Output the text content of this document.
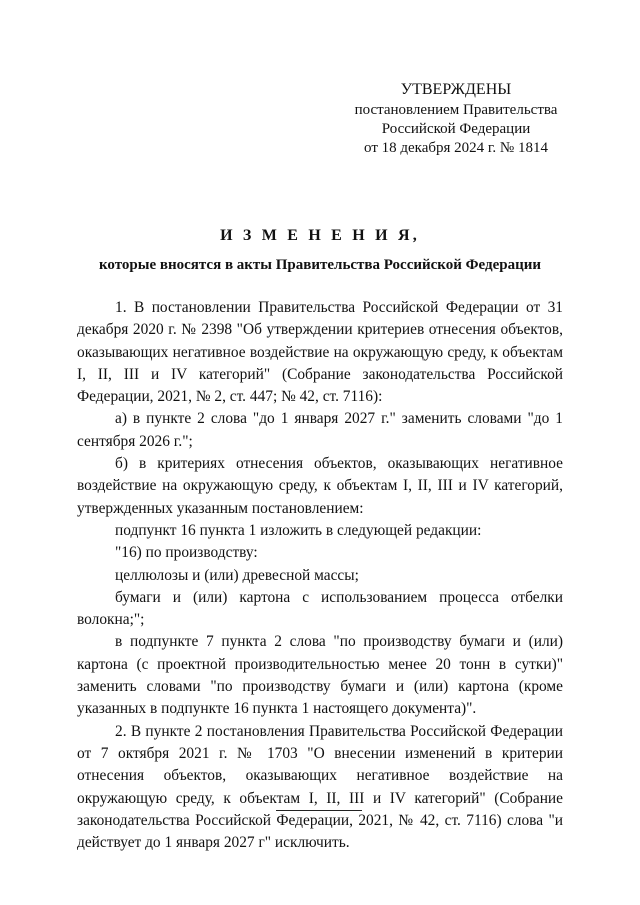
УТВЕРЖДЕНЫ
постановлением Правительства
Российской Федерации
от 18 декабря 2024 г. № 1814
И З М Е Н Е Н И Я,
которые вносятся в акты Правительства Российской Федерации

1. В постановлении Правительства Российской Федерации от 31 декабря 2020 г. № 2398 "Об утверждении критериев отнесения объектов, оказывающих негативное воздействие на окружающую среду, к объектам I, II, III и IV категорий" (Собрание законодательства Российской Федерации, 2021, № 2, ст. 447; № 42, ст. 7116):

а) в пункте 2 слова "до 1 января 2027 г." заменить словами "до 1 сентября 2026 г.";

б) в критериях отнесения объектов, оказывающих негативное воздействие на окружающую среду, к объектам I, II, III и IV категорий, утвержденных указанным постановлением:

подпункт 16 пункта 1 изложить в следующей редакции:

"16) по производству:

целлюлозы и (или) древесной массы;

бумаги и (или) картона с использованием процесса отбелки волокна;";

в подпункте 7 пункта 2 слова "по производству бумаги и (или) картона (с проектной производительностью менее 20 тонн в сутки)" заменить словами "по производству бумаги и (или) картона (кроме указанных в подпункте 16 пункта 1 настоящего документа)".

2. В пункте 2 постановления Правительства Российской Федерации от 7 октября 2021 г. № 1703 "О внесении изменений в критерии отнесения объектов, оказывающих негативное воздействие на окружающую среду, к объектам I, II, III и IV категорий" (Собрание законодательства Российской Федерации, 2021, № 42, ст. 7116) слова "и действует до 1 января 2027 г" исключить.
